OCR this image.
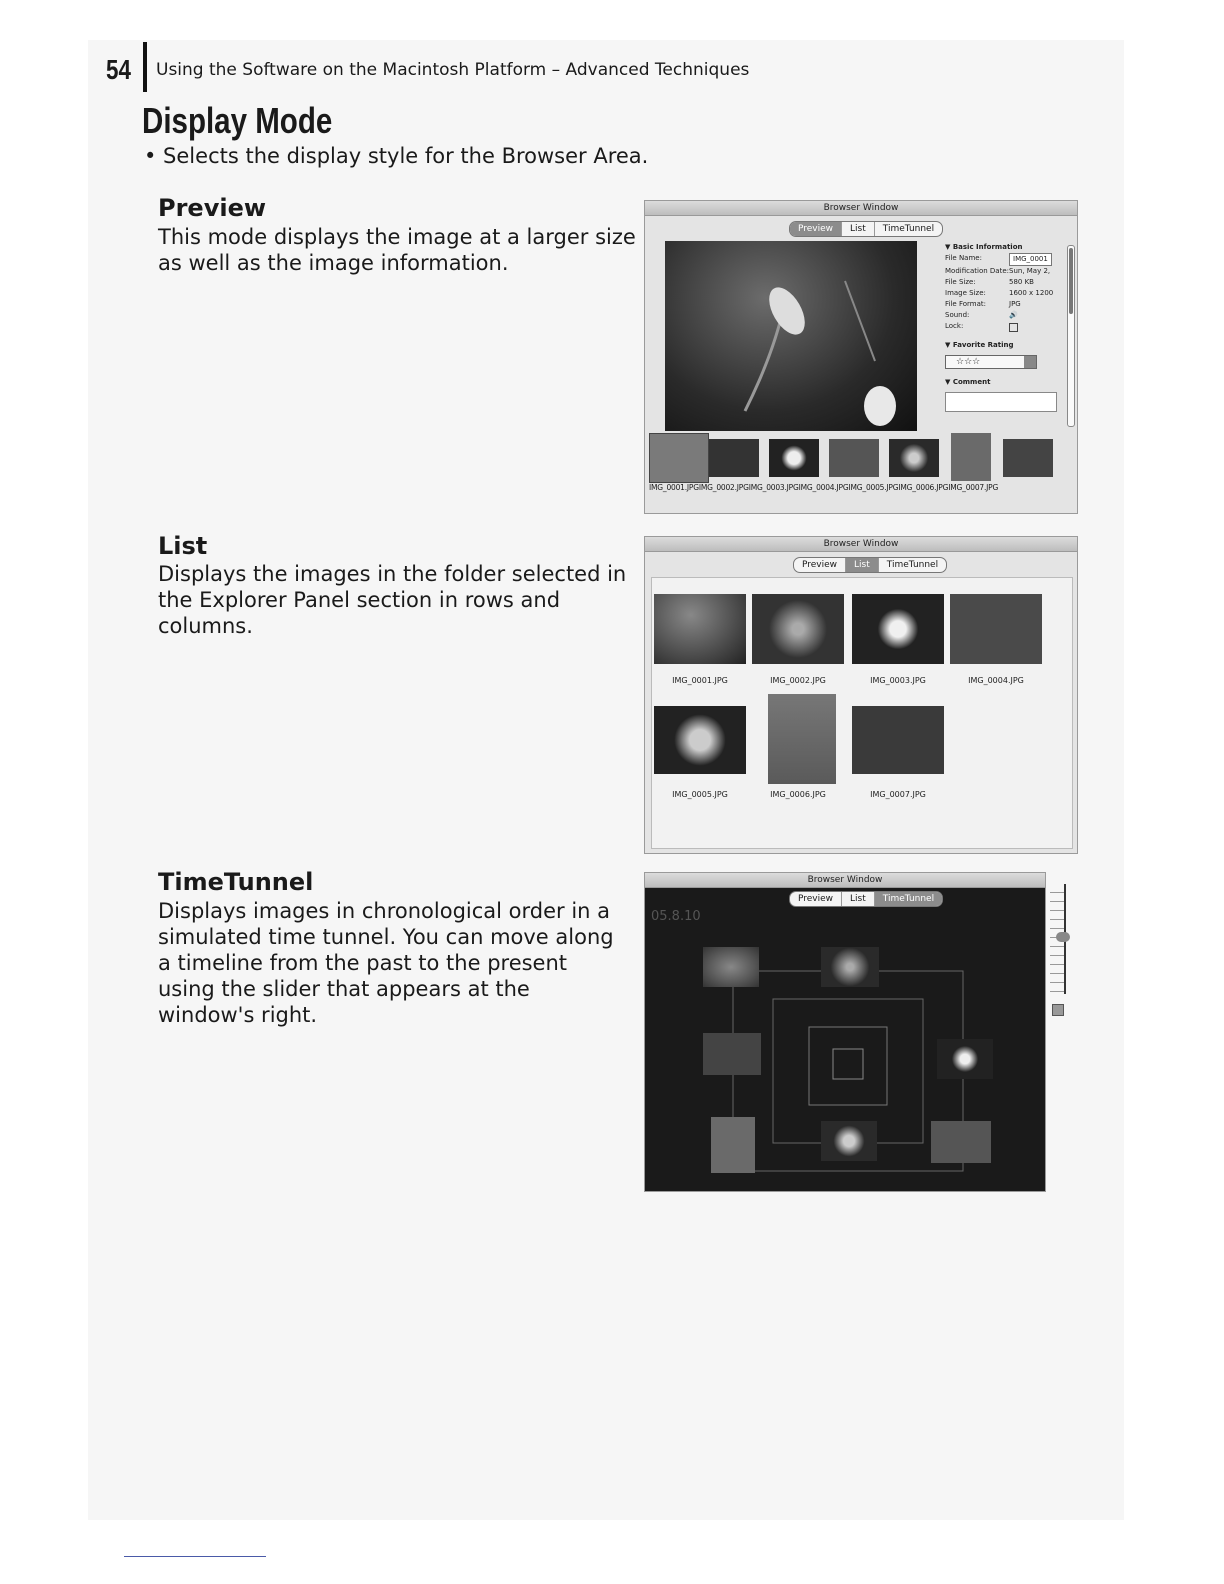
54 Using the Software on the Macintosh Platform – Advanced Techniques
Display Mode
• Selects the display style for the Browser Area.
Preview
This mode displays the image at a larger size as well as the image information.
List
Displays the images in the folder selected in the Explorer Panel section in rows and columns.
TimeTunnel
Displays images in chronological order in a simulated time tunnel. You can move along a timeline from the past to the present using the slider that appears at the window's right.
Browser Window
Preview	List	TimeTunnel
▼ Basic Information
File Name:	IMG_0001
Modification Date: Sun, May 2,
File Size:	580 KB
Image Size:	1600 x 1200
File Format:	JPG
Sound:	🔊
Lock:
▼ Favorite Rating
☆☆☆
▼ Comment
IMG_0001.JPGIMG_0002.JPGIMG_0003.JPGIMG_0004.JPGIMG_0005.JPGIMG_0006.JPGIMG_0007.JPG
Browser Window
Preview	List	TimeTunnel
IMG_0001.JPG	IMG_0002.JPG	IMG_0003.JPG	IMG_0004.JPG
IMG_0005.JPG	IMG_0006.JPG	IMG_0007.JPG
Browser Window
Preview	List	TimeTunnel
05.8.10
